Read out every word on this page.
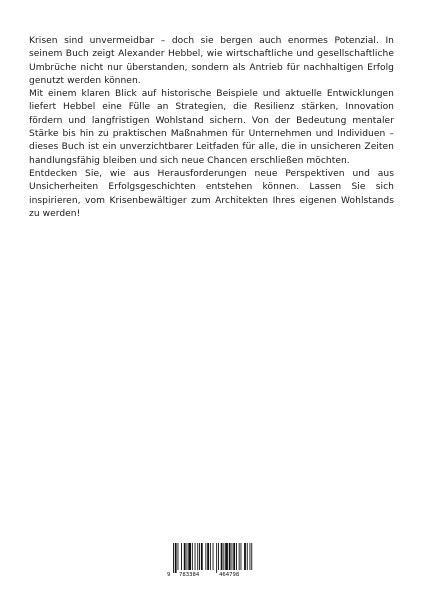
Krisen sind unvermeidbar – doch sie bergen auch enormes Potenzial. In seinem Buch zeigt Alexander Hebbel, wie wirtschaftliche und gesellschaftliche Umbrüche nicht nur überstanden, sondern als Antrieb für nachhaltigen Erfolg genutzt werden können.

Mit einem klaren Blick auf historische Beispiele und aktuelle Entwicklungen liefert Hebbel eine Fülle an Strategien, die Resilienz stärken, Innovation fördern und langfristigen Wohlstand sichern. Von der Bedeutung mentaler Stärke bis hin zu praktischen Maßnahmen für Unternehmen und Individuen – dieses Buch ist ein unverzichtbarer Leitfaden für alle, die in unsicheren Zeiten handlungsfähig bleiben und sich neue Chancen erschließen möchten.

Entdecken Sie, wie aus Herausforderungen neue Perspektiven und aus Unsicherheiten Erfolgsgeschichten entstehen können. Lassen Sie sich inspirieren, vom Krisenbewältiger zum Architekten Ihres eigenen Wohlstands zu werden!

9 783384	464798
